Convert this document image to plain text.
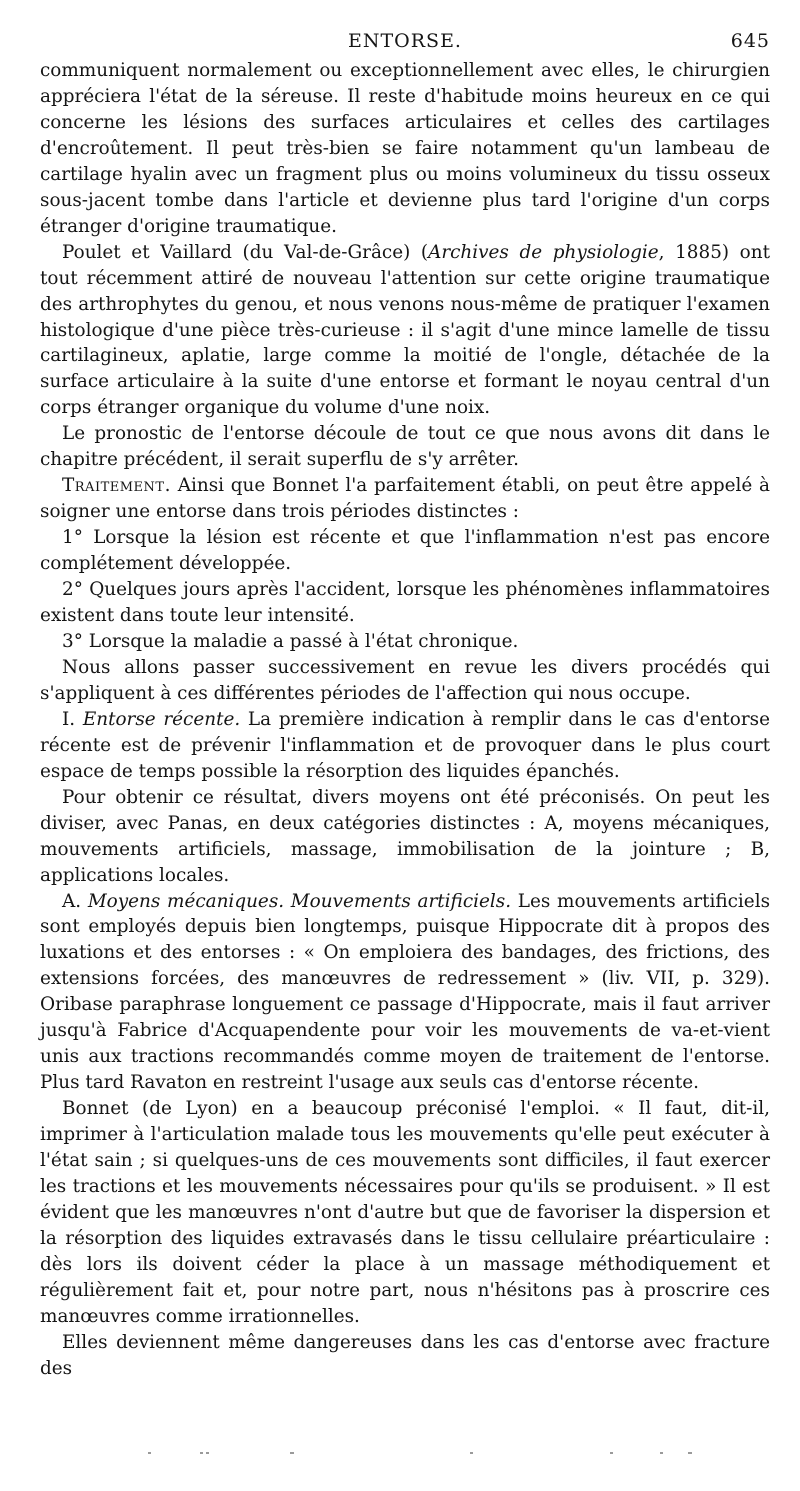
ENTORSE.	645

communiquent normalement ou exceptionnellement avec elles, le chirurgien appréciera l'état de la séreuse. Il reste d'habitude moins heureux en ce qui concerne les lésions des surfaces articulaires et celles des cartilages d'encroûtement. Il peut très-bien se faire notamment qu'un lambeau de cartilage hyalin avec un fragment plus ou moins volumineux du tissu osseux sous-jacent tombe dans l'article et devienne plus tard l'origine d'un corps étranger d'origine traumatique.

Poulet et Vaillard (du Val-de-Grâce) (Archives de physiologie, 1885) ont tout récemment attiré de nouveau l'attention sur cette origine traumatique des arthrophytes du genou, et nous venons nous-même de pratiquer l'examen histologique d'une pièce très-curieuse : il s'agit d'une mince lamelle de tissu cartilagineux, aplatie, large comme la moitié de l'ongle, détachée de la surface articulaire à la suite d'une entorse et formant le noyau central d'un corps étranger organique du volume d'une noix.

Le pronostic de l'entorse découle de tout ce que nous avons dit dans le chapitre précédent, il serait superflu de s'y arrêter.

Traitement. Ainsi que Bonnet l'a parfaitement établi, on peut être appelé à soigner une entorse dans trois périodes distinctes :

1° Lorsque la lésion est récente et que l'inflammation n'est pas encore complétement développée.

2° Quelques jours après l'accident, lorsque les phénomènes inflammatoires existent dans toute leur intensité.

3° Lorsque la maladie a passé à l'état chronique.

Nous allons passer successivement en revue les divers procédés qui s'appliquent à ces différentes périodes de l'affection qui nous occupe.

I. Entorse récente. La première indication à remplir dans le cas d'entorse récente est de prévenir l'inflammation et de provoquer dans le plus court espace de temps possible la résorption des liquides épanchés.

Pour obtenir ce résultat, divers moyens ont été préconisés. On peut les diviser, avec Panas, en deux catégories distinctes : A, moyens mécaniques, mouvements artificiels, massage, immobilisation de la jointure ; B, applications locales.

A. Moyens mécaniques. Mouvements artificiels. Les mouvements artificiels sont employés depuis bien longtemps, puisque Hippocrate dit à propos des luxations et des entorses : « On emploiera des bandages, des frictions, des extensions forcées, des manœuvres de redressement » (liv. VII, p. 329). Oribase paraphrase longuement ce passage d'Hippocrate, mais il faut arriver jusqu'à Fabrice d'Acquapendente pour voir les mouvements de va-et-vient unis aux tractions recommandés comme moyen de traitement de l'entorse. Plus tard Ravaton en restreint l'usage aux seuls cas d'entorse récente.

Bonnet (de Lyon) en a beaucoup préconisé l'emploi. « Il faut, dit-il, imprimer à l'articulation malade tous les mouvements qu'elle peut exécuter à l'état sain ; si quelques-uns de ces mouvements sont difficiles, il faut exercer les tractions et les mouvements nécessaires pour qu'ils se produisent. » Il est évident que les manœuvres n'ont d'autre but que de favoriser la dispersion et la résorption des liquides extravasés dans le tissu cellulaire préarticulaire : dès lors ils doivent céder la place à un massage méthodiquement et régulièrement fait et, pour notre part, nous n'hésitons pas à proscrire ces manœuvres comme irrationnelles.

Elles deviennent même dangereuses dans les cas d'entorse avec fracture des
